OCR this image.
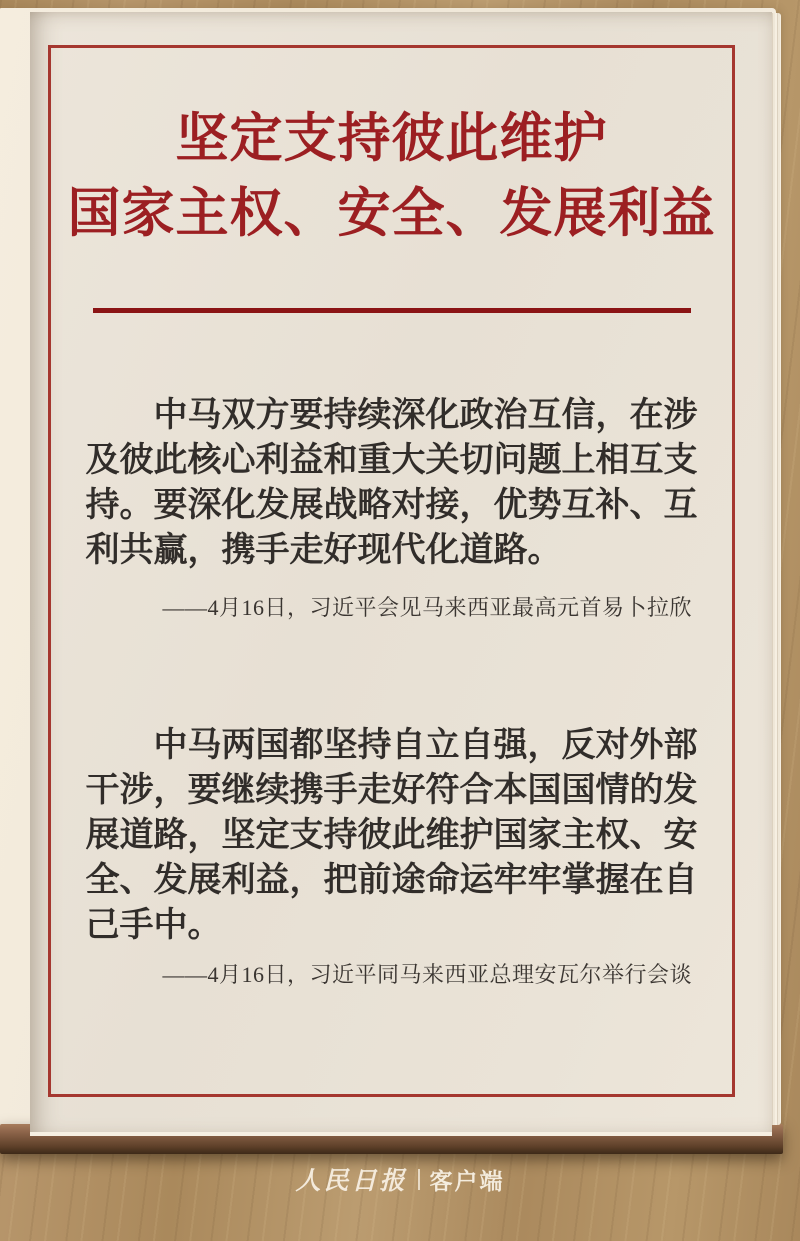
坚定支持彼此维护
国家主权、安全、发展利益

中马双方要持续深化政治互信，在涉及彼此核心利益和重大关切问题上相互支持。要深化发展战略对接，优势互补、互利共赢，携手走好现代化道路。

——4月16日，习近平会见马来西亚最高元首易卜拉欣

中马两国都坚持自立自强，反对外部干涉，要继续携手走好符合本国国情的发展道路，坚定支持彼此维护国家主权、安全、发展利益，把前途命运牢牢掌握在自己手中。

——4月16日，习近平同马来西亚总理安瓦尔举行会谈

人民日报 客户端
